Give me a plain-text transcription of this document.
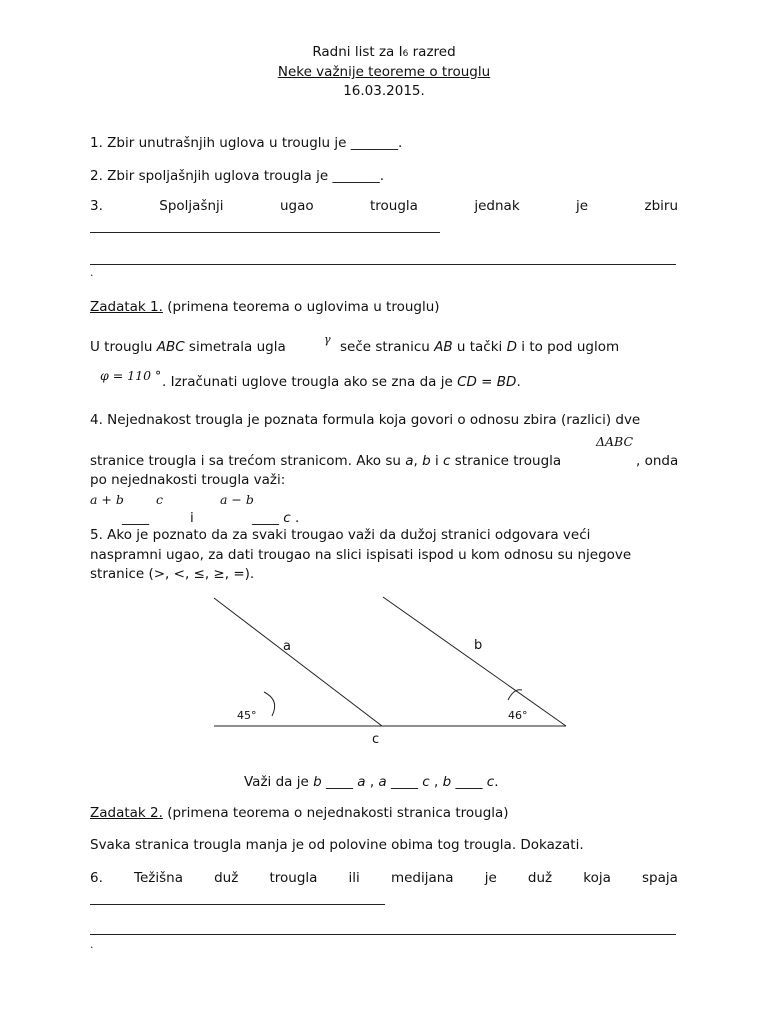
Radni list za I6 razred
Neke važnije teoreme o trouglu
16.03.2015.
1. Zbir unutrašnjih uglova u trouglu je _______.
2. Zbir spoljašnjih uglova trougla je _______.
3.	Spoljašnji	ugao	trougla	jednak	je	zbiru
.
Zadatak 1. (primena teorema o uglovima u trouglu)
U trouglu ABC simetrala ugla	γ seče stranicu AB u tački D i to pod uglom
φ = 110 ° . Izračunati uglove trougla ako se zna da je CD = BD.
4. Nejednakost trougla je poznata formula koja govori o odnosu zbira (razlici) dve
ΔABC
stranice trougla i sa trećom stranicom. Ako su a, b i c stranice trougla	, onda
po nejednakosti trougla važi:
a + b	c	a − b
____	i	____ c .
5. Ako je poznato da za svaki trougao važi da dužoj stranici odgovara veći
naspramni ugao, za dati trougao na slici ispisati ispod u kom odnosu su njegove
stranice (>, <, ≤, ≥, =).
a	b
c
45°	46°
Važi da je b ____ a , a ____ c , b ____ c.
Zadatak 2. (primena teorema o nejednakosti stranica trougla)
Svaka stranica trougla manja je od polovine obima tog trougla. Dokazati.
6. Težišna duž trougla ili medijana je duž koja spaja
.
